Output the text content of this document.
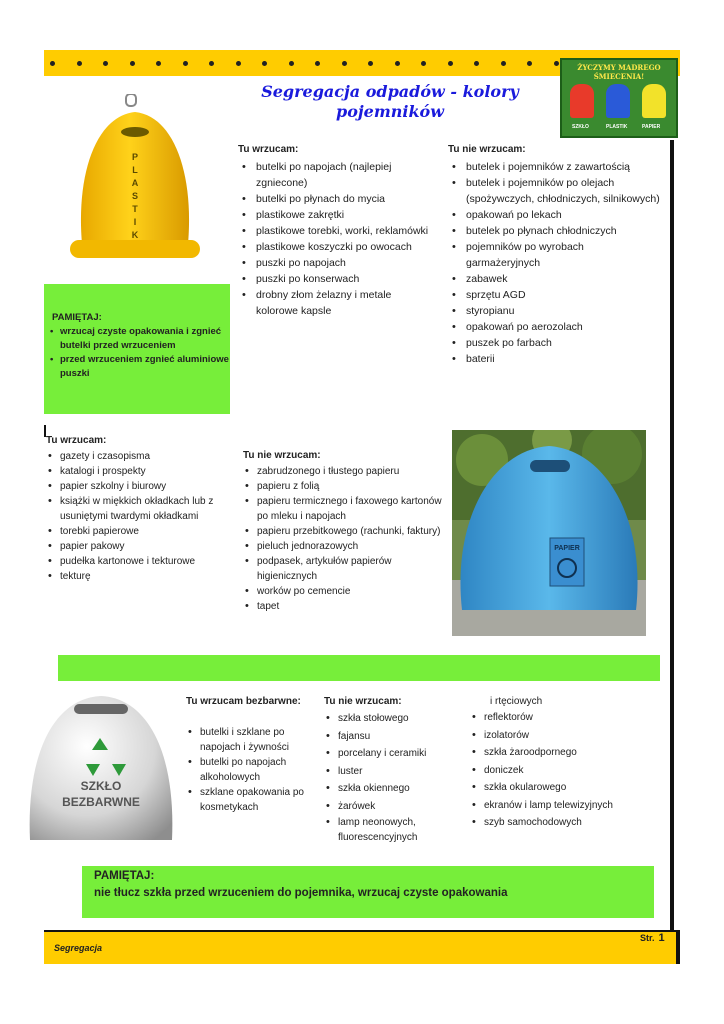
ŻYCZYMY MADREGO ŚMIECENIA!
SZKŁO	PLASTIK	PAPIER
Segregacja odpadów - kolory
pojemników
P
L
A
S
T
I
K
PAMIĘTAJ:
• wrzucaj czyste opakowania i zgnieć butelki przed wrzuceniem
• przed wrzuceniem zgnieć aluminiowe puszki
Tu wrzucam:
• butelki po napojach (najlepiej zgniecone)
• butelki po płynach do mycia
• plastikowe zakrętki
• plastikowe torebki, worki, reklamówki
• plastikowe koszyczki po owocach
• puszki po napojach
• puszki po konserwach
• drobny złom żelazny i metale kolorowe kapsle
Tu nie wrzucam:
• butelek i pojemników z zawartością
• butelek i pojemników po olejach (spożywczych, chłodniczych, silnikowych)
• opakowań po lekach
• butelek po płynach chłodniczych
• pojemników po wyrobach garmażeryjnych
• zabawek
• sprzętu AGD
• styropianu
• opakowań po aerozolach
• puszek po farbach
• baterii
Tu wrzucam:
• gazety i czasopisma
• katalogi i prospekty
• papier szkolny i biurowy
• książki w miękkich okładkach lub z usuniętymi twardymi okładkami
• torebki papierowe
• papier pakowy
• pudełka kartonowe i tekturowe
• tekturę
Tu nie wrzucam:
• zabrudzonego i tłustego papieru
• papieru z folią
• papieru termicznego i faxowego kartonów po mleku i napojach
• papieru przebitkowego (rachunki, faktury)
• pieluch jednorazowych
• podpasek, artykułów papierów higienicznych
• worków po cemencie
• tapet
PAPIER
SZKŁO
BEZBARWNE
Tu wrzucam bezbarwne:
• butelki i szklane po napojach i żywności
• butelki po napojach alkoholowych
• szklane opakowania po kosmetykach
Tu nie wrzucam:
• szkła stołowego
• fajansu
• porcelany i ceramiki
• luster
• szkła okiennego
• żarówek
• lamp neonowych, fluorescencyjnych
i rtęciowych
• reflektorów
• izolatorów
• szkła żaroodpornego
• doniczek
• szkła okularowego
• ekranów i lamp telewizyjnych
• szyb samochodowych
PAMIĘTAJ:
nie tłucz szkła przed wrzuceniem do pojemnika, wrzucaj czyste opakowania
Segregacja
Str. 1
